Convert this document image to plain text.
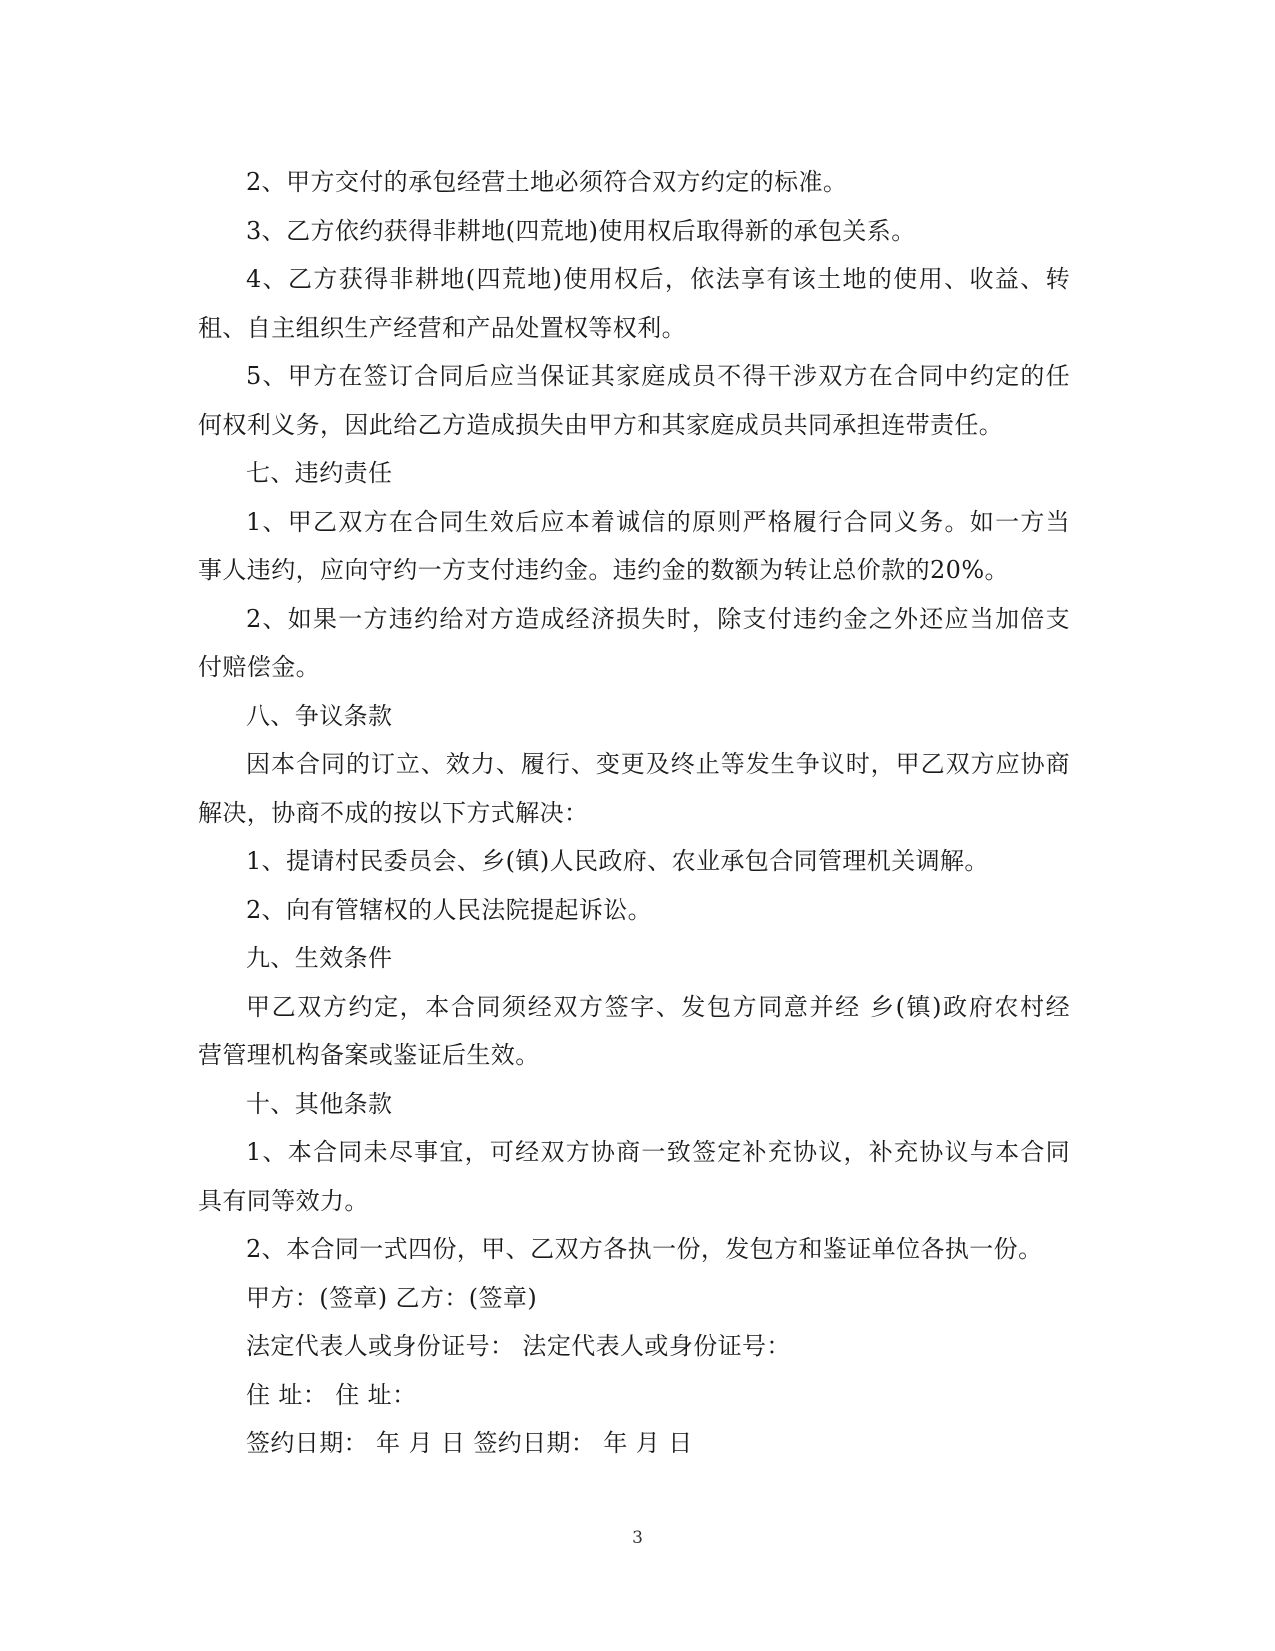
2、甲方交付的承包经营土地必须符合双方约定的标准。
3、乙方依约获得非耕地(四荒地)使用权后取得新的承包关系。
4、乙方获得非耕地(四荒地)使用权后，依法享有该土地的使用、收益、转
租、自主组织生产经营和产品处置权等权利。
5、甲方在签订合同后应当保证其家庭成员不得干涉双方在合同中约定的任
何权利义务，因此给乙方造成损失由甲方和其家庭成员共同承担连带责任。
七、违约责任
1、甲乙双方在合同生效后应本着诚信的原则严格履行合同义务。如一方当
事人违约，应向守约一方支付违约金。违约金的数额为转让总价款的20%。
2、如果一方违约给对方造成经济损失时，除支付违约金之外还应当加倍支
付赔偿金。
八、争议条款
因本合同的订立、效力、履行、变更及终止等发生争议时，甲乙双方应协商
解决，协商不成的按以下方式解决：
1、提请村民委员会、乡(镇)人民政府、农业承包合同管理机关调解。
2、向有管辖权的人民法院提起诉讼。
九、生效条件
甲乙双方约定，本合同须经双方签字、发包方同意并经 乡(镇)政府农村经
营管理机构备案或鉴证后生效。
十、其他条款
1、本合同未尽事宜，可经双方协商一致签定补充协议，补充协议与本合同
具有同等效力。
2、本合同一式四份，甲、乙双方各执一份，发包方和鉴证单位各执一份。
甲方：(签章) 乙方：(签章)
法定代表人或身份证号： 法定代表人或身份证号：
住 址： 住 址：
签约日期： 年 月 日 签约日期： 年 月 日
3
